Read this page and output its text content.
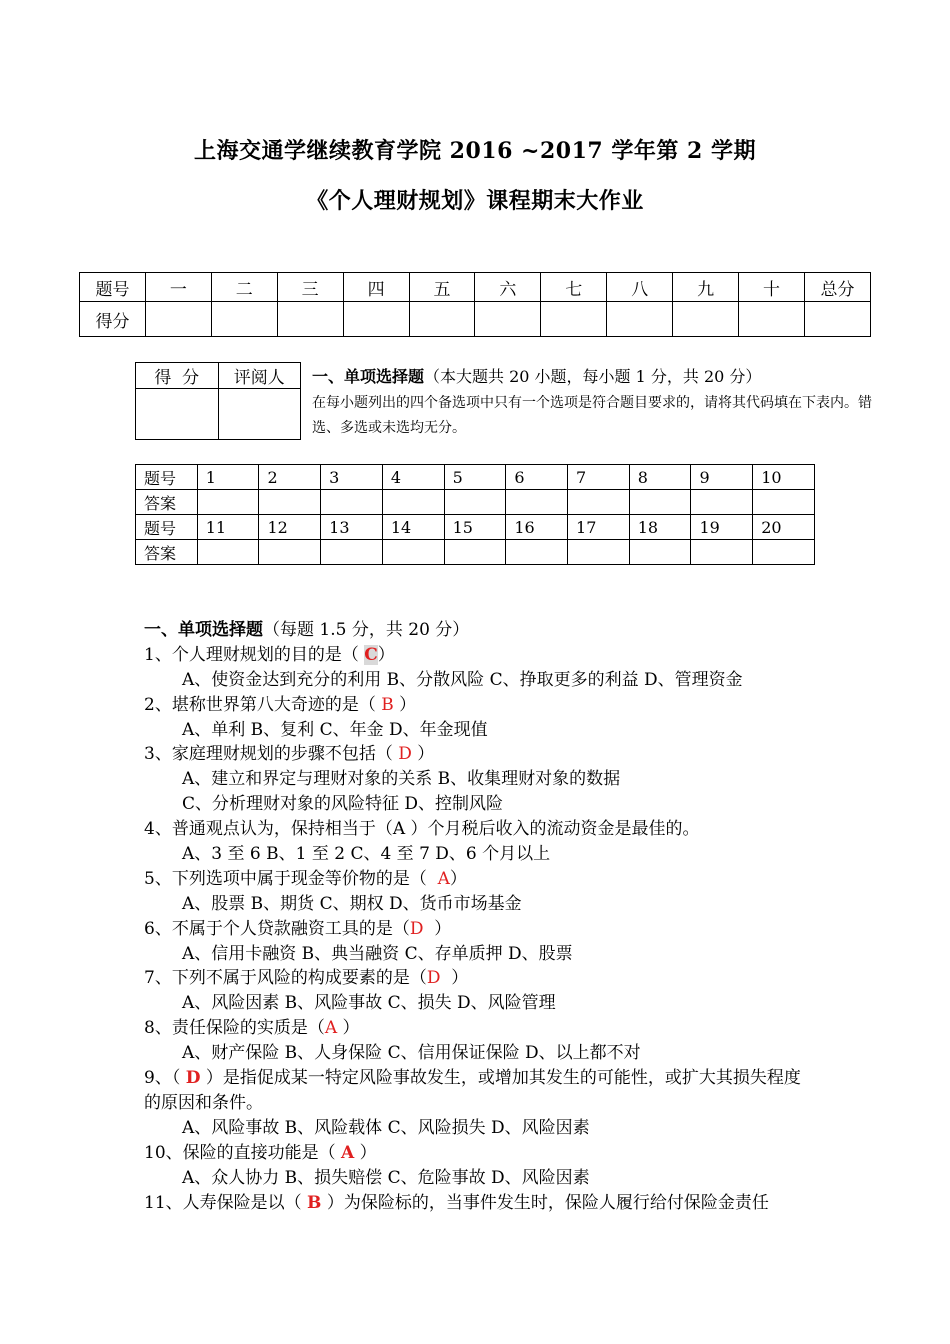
上海交通学继续教育学院 2016 ~2017 学年第 2 学期
《个人理财规划》课程期末大作业
题号	一	二	三	四	五	六	七	八	九	十	总分
得分											
得  分	评阅人
	一、单项选择题（本大题共 20 小题，每小题 1 分，共 20 分）
在每小题列出的四个备选项中只有一个选项是符合题目要求的，请将其代码填在下表内。错选、多选或未选均无分。
题号	1	2	3	4	5	6	7	8	9	10
答案										
题号	11	12	13	14	15	16	17	18	19	20
答案										
一、单项选择题（每题 1.5 分，共 20 分）
1、个人理财规划的目的是（ C）
A、使资金达到充分的利用 B、分散风险 C、挣取更多的利益 D、管理资金
2、堪称世界第八大奇迹的是（ B ）
A、单利 B、复利 C、年金 D、年金现值
3、家庭理财规划的步骤不包括（ D ）
A、建立和界定与理财对象的关系 B、收集理财对象的数据
C、分析理财对象的风险特征 D、控制风险
4、普通观点认为，保持相当于（A ）个月税后收入的流动资金是最佳的。
A、3 至 6 B、1 至 2 C、4 至 7 D、6 个月以上
5、下列选项中属于现金等价物的是（  A）
A、股票 B、期货 C、期权 D、货币市场基金
6、不属于个人贷款融资工具的是（D  ）
A、信用卡融资 B、典当融资 C、存单质押 D、股票
7、下列不属于风险的构成要素的是（D  ）
A、风险因素 B、风险事故 C、损失 D、风险管理
8、责任保险的实质是（A ）
A、财产保险 B、人身保险 C、信用保证保险 D、以上都不对
9、（ D ）是指促成某一特定风险事故发生，或增加其发生的可能性，或扩大其损失程度的原因和条件。
A、风险事故 B、风险载体 C、风险损失 D、风险因素
10、保险的直接功能是（ A ）
A、众人协力 B、损失赔偿 C、危险事故 D、风险因素
11、人寿保险是以（ B ）为保险标的，当事件发生时，保险人履行给付保险金责任
